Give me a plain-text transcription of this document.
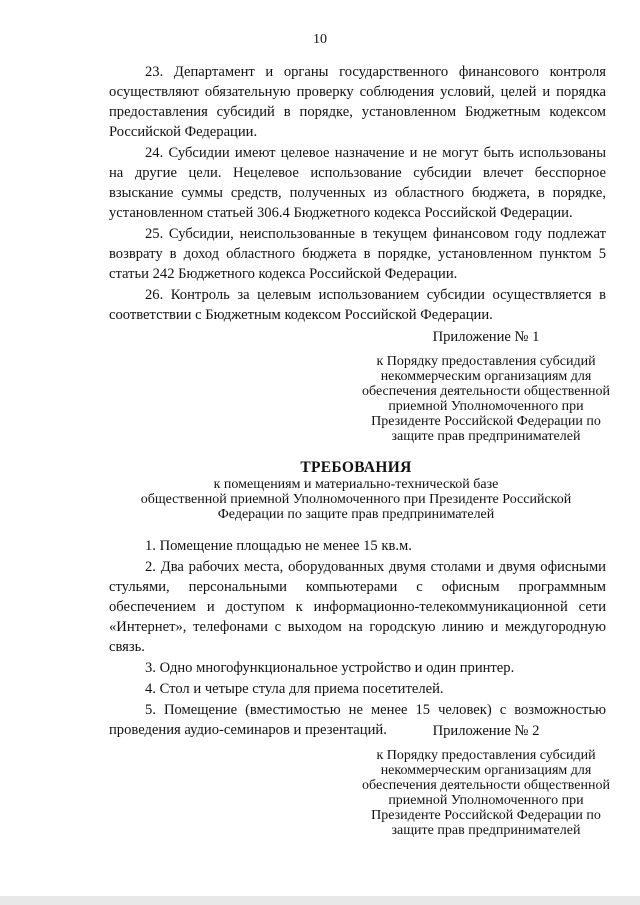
10

23. Департамент и органы государственного финансового контроля осуществляют обязательную проверку соблюдения условий, целей и порядка предоставления субсидий в порядке, установленном Бюджетным кодексом Российской Федерации.

24. Субсидии имеют целевое назначение и не могут быть использованы на другие цели. Нецелевое использование субсидии влечет бесспорное взыскание суммы средств, полученных из областного бюджета, в порядке, установленном статьей 306.4 Бюджетного кодекса Российской Федерации.

25. Субсидии, неиспользованные в текущем финансовом году подлежат возврату в доход областного бюджета в порядке, установленном пунктом 5 статьи 242 Бюджетного кодекса Российской Федерации.

26. Контроль за целевым использованием субсидии осуществляется в соответствии с Бюджетным кодексом Российской Федерации.

Приложение № 1

к Порядку предоставления субсидий некоммерческим организациям для обеспечения деятельности общественной приемной Уполномоченного при Президенте Российской Федерации по защите прав предпринимателей

ТРЕБОВАНИЯ

к помещениям и материально-технической базе

общественной приемной Уполномоченного при Президенте Российской

Федерации по защите прав предпринимателей

1. Помещение площадью не менее 15 кв.м.

2. Два рабочих места, оборудованных двумя столами и двумя офисными стульями, персональными компьютерами с офисным программным обеспечением и доступом к информационно-телекоммуникационной сети «Интернет», телефонами с выходом на городскую линию и междугородную связь.

3. Одно многофункциональное устройство и один принтер.

4. Стол и четыре стула для приема посетителей.

5. Помещение (вместимостью не менее 15 человек) с возможностью проведения аудио-семинаров и презентаций.	Приложение № 2

к Порядку предоставления субсидий некоммерческим организациям для обеспечения деятельности общественной приемной Уполномоченного при Президенте Российской Федерации по защите прав предпринимателей
